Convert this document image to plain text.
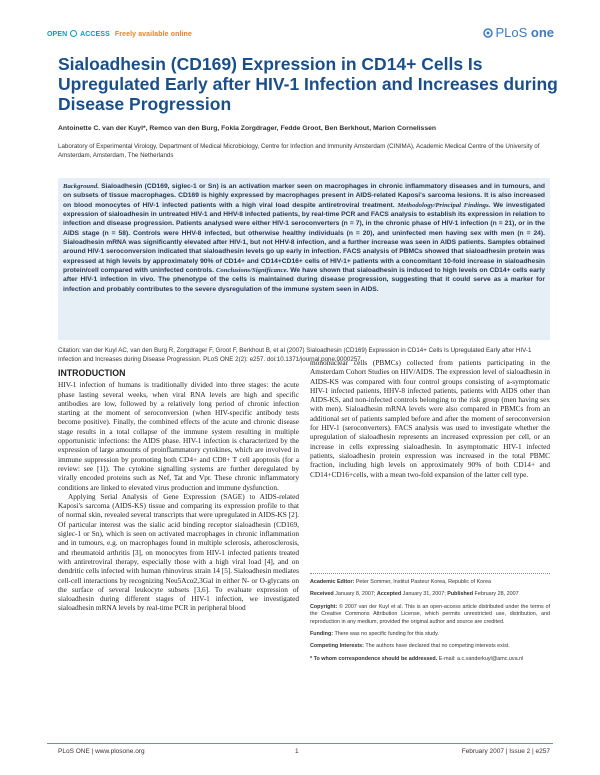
OPEN ACCESS Freely available online	PLoS one
Sialoadhesin (CD169) Expression in CD14+ Cells Is Upregulated Early after HIV-1 Infection and Increases during Disease Progression
Antoinette C. van der Kuyl*, Remco van den Burg, Fokla Zorgdrager, Fedde Groot, Ben Berkhout, Marion Cornelissen
Laboratory of Experimental Virology, Department of Medical Microbiology, Centre for Infection and Immunity Amsterdam (CINIMA), Academic Medical Centre of the University of Amsterdam, Amsterdam, The Netherlands
Background. Sialoadhesin (CD169, siglec-1 or Sn) is an activation marker seen on macrophages in chronic inflammatory diseases and in tumours, and on subsets of tissue macrophages. CD169 is highly expressed by macrophages present in AIDS-related Kaposi's sarcoma lesions. It is also increased on blood monocytes of HIV-1 infected patients with a high viral load despite antiretroviral treatment. Methodology/Principal Findings. We investigated expression of sialoadhesin in untreated HIV-1 and HHV-8 infected patients, by real-time PCR and FACS analysis to establish its expression in relation to infection and disease progression. Patients analysed were either HIV-1 seroconverters (n = 7), in the chronic phase of HIV-1 infection (n = 21), or in the AIDS stage (n = 58). Controls were HHV-8 infected, but otherwise healthy individuals (n = 20), and uninfected men having sex with men (n = 24). Sialoadhesin mRNA was significantly elevated after HIV-1, but not HHV-8 infection, and a further increase was seen in AIDS patients. Samples obtained around HIV-1 seroconversion indicated that sialoadhesin levels go up early in infection. FACS analysis of PBMCs showed that sialoadhesin protein was expressed at high levels by approximately 90% of CD14+ and CD14+CD16+ cells of HIV-1+ patients with a concomitant 10-fold increase in sialoadhesin protein/cell compared with uninfected controls. Conclusions/Significance. We have shown that sialoadhesin is induced to high levels on CD14+ cells early after HIV-1 infection in vivo. The phenotype of the cells is maintained during disease progression, suggesting that it could serve as a marker for infection and probably contributes to the severe dysregulation of the immune system seen in AIDS.
Citation: van der Kuyl AC, van den Burg R, Zorgdrager F, Groot F, Berkhout B, et al (2007) Sialoadhesin (CD169) Expression in CD14+ Cells Is Upregulated Early after HIV-1 Infection and Increases during Disease Progression. PLoS ONE 2(2): e257. doi:10.1371/journal.pone.0000257
INTRODUCTION

HIV-1 infection of humans is traditionally divided into three stages: the acute phase lasting several weeks, when viral RNA levels are high and specific antibodies are low, followed by a relatively long period of chronic infection starting at the moment of seroconversion (when HIV-specific antibody tests become positive). Finally, the combined effects of the acute and chronic disease stage results in a total collapse of the immune system resulting in multiple opportunistic infections: the AIDS phase. HIV-1 infection is characterized by the expression of large amounts of proinflammatory cytokines, which are involved in immune suppression by promoting both CD4+ and CD8+ T cell apoptosis (for a review: see [1]). The cytokine signalling systems are further deregulated by virally encoded proteins such as Nef, Tat and Vpr. These chronic inflammatory conditions are linked to elevated virus production and immune dysfunction.

Applying Serial Analysis of Gene Expression (SAGE) to AIDS-related Kaposi's sarcoma (AIDS-KS) tissue and comparing its expression profile to that of normal skin, revealed several transcripts that were upregulated in AIDS-KS [2]. Of particular interest was the sialic acid binding receptor sialoadhesin (CD169, siglec-1 or Sn), which is seen on activated macrophages in chronic inflammation and in tumours, e.g. on macrophages found in multiple sclerosis, atherosclerosis, and rheumatoid arthritis [3], on monocytes from HIV-1 infected patients treated with antiretroviral therapy, especially those with a high viral load [4], and on dendritic cells infected with human rhinovirus strain 14 [5]. Sialoadhesin mediates cell-cell interactions by recognizing Neu5Acα2,3Gal in either N- or O-glycans on the surface of several leukocyte subsets [3,6]. To evaluate expression of sialoadhesin during different stages of HIV-1 infection, we investigated sialoadhesin mRNA levels by real-time PCR in peripheral blood

mononuclear cells (PBMCs) collected from patients participating in the Amsterdam Cohort Studies on HIV/AIDS. The expression level of sialoadhesin in AIDS-KS was compared with four control groups consisting of a-symptomatic HIV-1 infected patients, HHV-8 infected patients, patients with AIDS other than AIDS-KS, and non-infected controls belonging to the risk group (men having sex with men). Sialoadhesin mRNA levels were also compared in PBMCs from an additional set of patients sampled before and after the moment of seroconversion for HIV-1 (seroconverters). FACS analysis was used to investigate whether the upregulation of sialoadhesin represents an increased expression per cell, or an increase in cells expressing sialoadhesin. In asymptomatic HIV-1 infected patients, sialoadhesin protein expression was increased in the total PBMC fraction, including high levels on approximately 90% of both CD14+ and CD14+CD16+cells, with a mean two-fold expansion of the latter cell type.

Academic Editor: Peter Sommer, Institut Pasteur Korea, Republic of Korea

Received January 8, 2007; Accepted January 31, 2007; Published February 28, 2007

Copyright: © 2007 van der Kuyl et al. This is an open-access article distributed under the terms of the Creative Commons Attribution License, which permits unrestricted use, distribution, and reproduction in any medium, provided the original author and source are credited.

Funding: There was no specific funding for this study.

Competing Interests: The authors have declared that no competing interests exist.

* To whom correspondence should be addressed. E-mail: a.c.vanderkuyl@amc.uva.nl

PLoS ONE | www.plosone.org	1	February 2007 | Issue 2 | e257
